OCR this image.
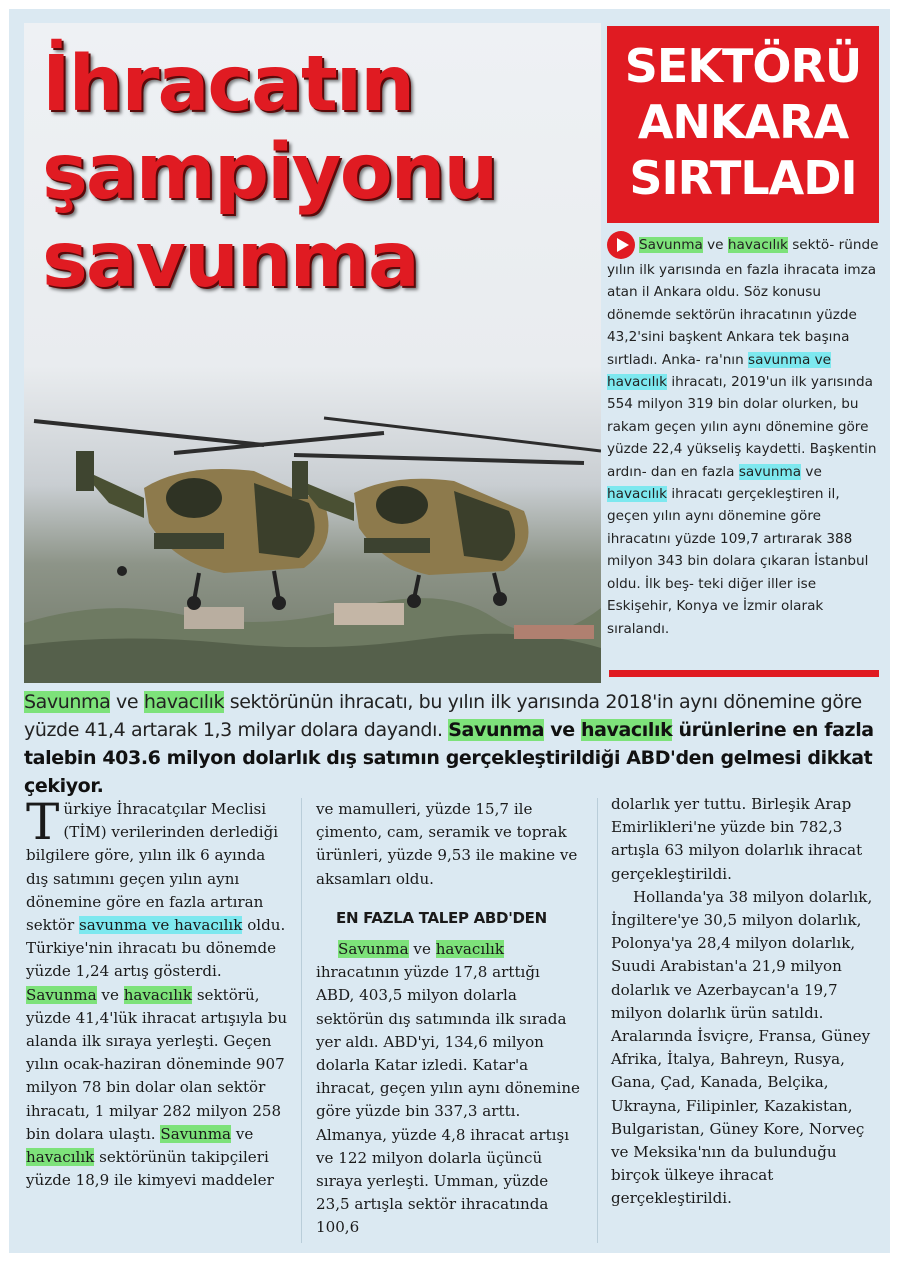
İhracatın
şampiyonu
savunma
SEKTÖRÜ
ANKARA
SIRTLADI
Savunma ve havacılık sektö- ründe yılın ilk yarısında en fazla ihracata imza atan il Ankara oldu. Söz konusu dönemde sektörün ihracatının yüzde 43,2'sini başkent Ankara tek başına sırtladı. Anka- ra'nın savunma ve havacılık ihracatı, 2019'un ilk yarısında 554 milyon 319 bin dolar olurken, bu rakam geçen yılın aynı dönemine göre yüzde 22,4 yükseliş kaydetti. Başkentin ardın- dan en fazla savunma ve havacılık ihracatı gerçekleştiren il, geçen yılın aynı dönemine göre ihracatını yüzde 109,7 artırarak 388 milyon 343 bin dolara çıkaran İstanbul oldu. İlk beş- teki diğer iller ise Eskişehir, Konya ve İzmir olarak sıralandı.
Savunma ve havacılık sektörünün ihracatı, bu yılın ilk yarısında 2018'in aynı dönemine göre yüzde 41,4 artarak 1,3 milyar dolara dayandı. Savunma ve havacılık ürünlerine en fazla talebin 403.6 milyon dolarlık dış satımın gerçekleştirildiği ABD'den gelmesi dikkat çekiyor.
Türkiye İhracatçılar Meclisi (TİM) verilerinden derlediği bilgilere göre, yılın ilk 6 ayında dış satımını geçen yılın aynı dönemine göre en fazla artıran sektör savunma ve havacılık oldu. Türkiye'nin ihracatı bu dönemde yüzde 1,24 artış gösterdi. Savunma ve havacılık sektörü, yüzde 41,4'lük ihracat artışıyla bu alanda ilk sıraya yerleşti. Geçen yılın ocak-haziran döneminde 907 milyon 78 bin dolar olan sektör ihracatı, 1 milyar 282 milyon 258 bin dolara ulaştı. Savunma ve havacılık sektörünün takipçileri yüzde 18,9 ile kimyevi maddeler
ve mamulleri, yüzde 15,7 ile çimento, cam, seramik ve toprak ürünleri, yüzde 9,53 ile makine ve aksamları oldu.
EN FAZLA TALEP ABD'DEN
Savunma ve havacılık ihracatının yüzde 17,8 arttığı ABD, 403,5 milyon dolarla sektörün dış satımında ilk sırada yer aldı. ABD'yi, 134,6 milyon dolarla Katar izledi. Katar'a ihracat, geçen yılın aynı dönemine göre yüzde bin 337,3 arttı. Almanya, yüzde 4,8 ihracat artışı ve 122 milyon dolarla üçüncü sıraya yerleşti. Umman, yüzde 23,5 artışla sektör ihracatında 100,6
dolarlık yer tuttu. Birleşik Arap Emirlikleri'ne yüzde bin 782,3 artışla 63 milyon dolarlık ihracat gerçekleştirildi.
Hollanda'ya 38 milyon dolarlık, İngiltere'ye 30,5 milyon dolarlık, Polonya'ya 28,4 milyon dolarlık, Suudi Arabistan'a 21,9 milyon dolarlık ve Azerbaycan'a 19,7 milyon dolarlık ürün satıldı. Aralarında İsviçre, Fransa, Güney Afrika, İtalya, Bahreyn, Rusya, Gana, Çad, Kanada, Belçika, Ukrayna, Filipinler, Kazakistan, Bulgaristan, Güney Kore, Norveç ve Meksika'nın da bulunduğu birçok ülkeye ihracat gerçekleştirildi.
